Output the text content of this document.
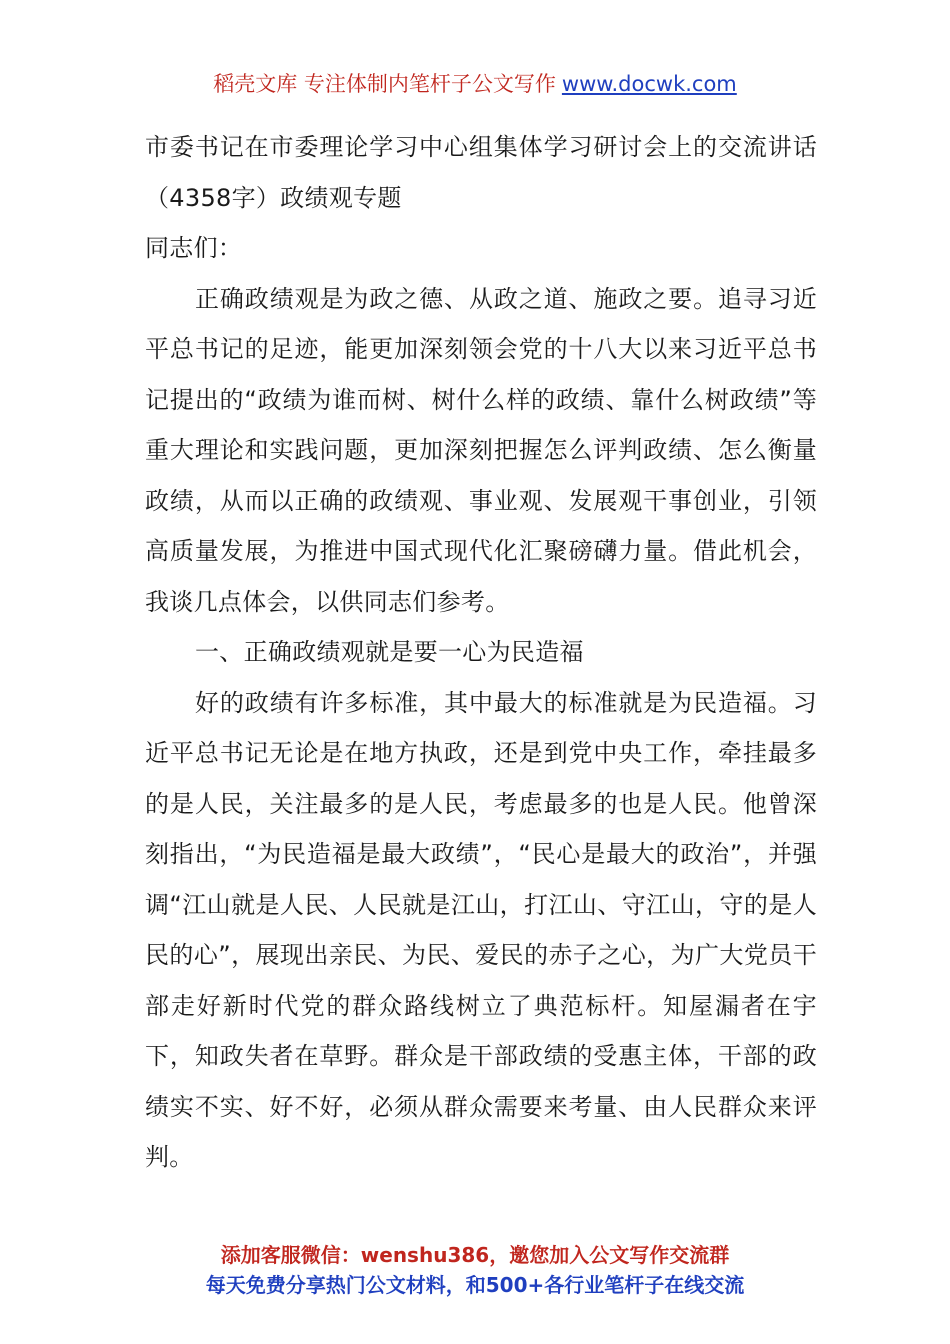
稻壳文库 专注体制内笔杆子公文写作 www.docwk.com

市委书记在市委理论学习中心组集体学习研讨会上的交流讲话（4358字）政绩观专题

同志们：

正确政绩观是为政之德、从政之道、施政之要。追寻习近平总书记的足迹，能更加深刻领会党的十八大以来习近平总书记提出的“政绩为谁而树、树什么样的政绩、靠什么树政绩”等重大理论和实践问题，更加深刻把握怎么评判政绩、怎么衡量政绩，从而以正确的政绩观、事业观、发展观干事创业，引领高质量发展，为推进中国式现代化汇聚磅礴力量。借此机会，我谈几点体会，以供同志们参考。

一、正确政绩观就是要一心为民造福

好的政绩有许多标准，其中最大的标准就是为民造福。习近平总书记无论是在地方执政，还是到党中央工作，牵挂最多的是人民，关注最多的是人民，考虑最多的也是人民。他曾深刻指出，“为民造福是最大政绩”，“民心是最大的政治”，并强调“江山就是人民、人民就是江山，打江山、守江山，守的是人民的心”，展现出亲民、为民、爱民的赤子之心，为广大党员干部走好新时代党的群众路线树立了典范标杆。知屋漏者在宇下，知政失者在草野。群众是干部政绩的受惠主体，干部的政绩实不实、好不好，必须从群众需要来考量、由人民群众来评判。

添加客服微信：wenshu386，邀您加入公文写作交流群
每天免费分享热门公文材料，和500+各行业笔杆子在线交流
